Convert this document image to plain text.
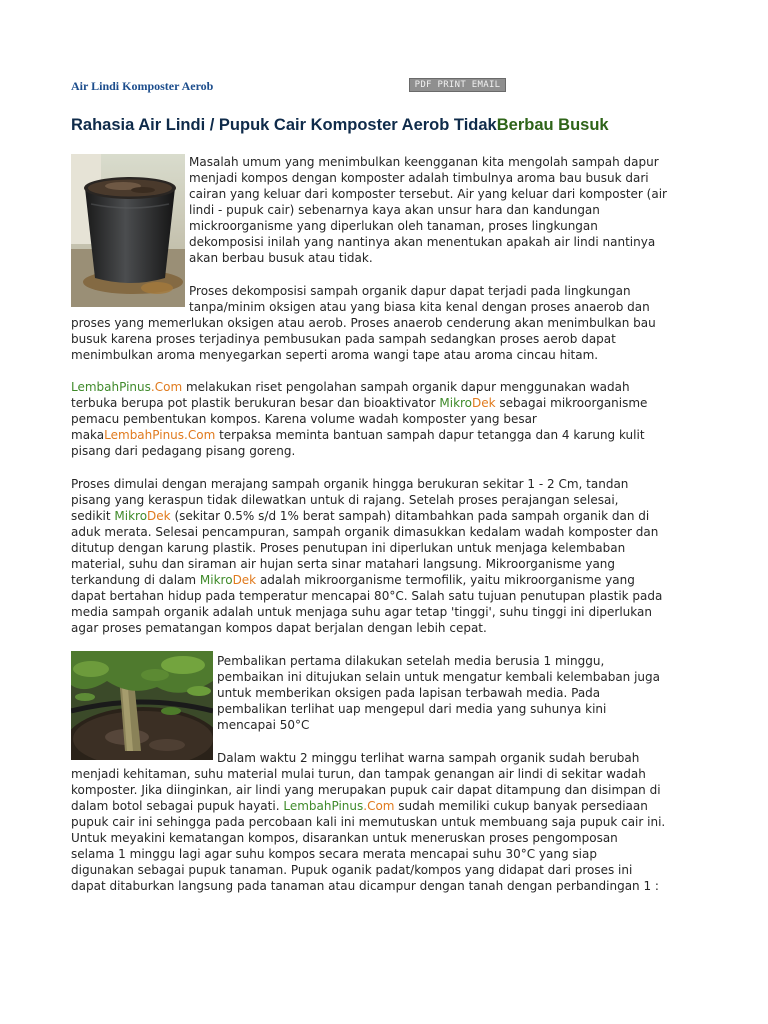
Air Lindi Komposter Aerob	PDF PRINT EMAIL
Rahasia Air Lindi / Pupuk Cair Komposter Aerob TidakBerbau Busuk
Masalah umum yang menimbulkan keengganan kita mengolah sampah dapur
menjadi kompos dengan komposter adalah timbulnya aroma bau busuk dari
cairan yang keluar dari komposter tersebut. Air yang keluar dari komposter (air
lindi - pupuk cair) sebenarnya kaya akan unsur hara dan kandungan
mickroorganisme yang diperlukan oleh tanaman, proses lingkungan
dekomposisi inilah yang nantinya akan menentukan apakah air lindi nantinya
akan berbau busuk atau tidak.
Proses dekomposisi sampah organik dapur dapat terjadi pada lingkungan
tanpa/minim oksigen atau yang biasa kita kenal dengan proses anaerob dan
proses yang memerlukan oksigen atau aerob. Proses anaerob cenderung akan menimbulkan bau
busuk karena proses terjadinya pembusukan pada sampah sedangkan proses aerob dapat
menimbulkan aroma menyegarkan seperti aroma wangi tape atau aroma cincau hitam.
LembahPinus.Com melakukan riset pengolahan sampah organik dapur menggunakan wadah
terbuka berupa pot plastik berukuran besar dan bioaktivator MikroDek sebagai mikroorganisme
pemacu pembentukan kompos. Karena volume wadah komposter yang besar
makaLembahPinus.Com terpaksa meminta bantuan sampah dapur tetangga dan 4 karung kulit
pisang dari pedagang pisang goreng.
Proses dimulai dengan merajang sampah organik hingga berukuran sekitar 1 - 2 Cm, tandan
pisang yang keraspun tidak dilewatkan untuk di rajang. Setelah proses perajangan selesai,
sedikit MikroDek (sekitar 0.5% s/d 1% berat sampah) ditambahkan pada sampah organik dan di
aduk merata. Selesai pencampuran, sampah organik dimasukkan kedalam wadah komposter dan
ditutup dengan karung plastik. Proses penutupan ini diperlukan untuk menjaga kelembaban
material, suhu dan siraman air hujan serta sinar matahari langsung. Mikroorganisme yang
terkandung di dalam MikroDek adalah mikroorganisme termofilik, yaitu mikroorganisme yang
dapat bertahan hidup pada temperatur mencapai 80°C. Salah satu tujuan penutupan plastik pada
media sampah organik adalah untuk menjaga suhu agar tetap 'tinggi', suhu tinggi ini diperlukan
agar proses pematangan kompos dapat berjalan dengan lebih cepat.
Pembalikan pertama dilakukan setelah media berusia 1 minggu,
pembaikan ini ditujukan selain untuk mengatur kembali kelembaban juga
untuk memberikan oksigen pada lapisan terbawah media. Pada
pembalikan terlihat uap mengepul dari media yang suhunya kini
mencapai 50°C
Dalam waktu 2 minggu terlihat warna sampah organik sudah berubah
menjadi kehitaman, suhu material mulai turun, dan tampak genangan air lindi di sekitar wadah
komposter. Jika diinginkan, air lindi yang merupakan pupuk cair dapat ditampung dan disimpan di
dalam botol sebagai pupuk hayati. LembahPinus.Com sudah memiliki cukup banyak persediaan
pupuk cair ini sehingga pada percobaan kali ini memutuskan untuk membuang saja pupuk cair ini.
Untuk meyakini kematangan kompos, disarankan untuk meneruskan proses pengomposan
selama 1 minggu lagi agar suhu kompos secara merata mencapai suhu 30°C yang siap
digunakan sebagai pupuk tanaman. Pupuk oganik padat/kompos yang didapat dari proses ini
dapat ditaburkan langsung pada tanaman atau dicampur dengan tanah dengan perbandingan 1 :
